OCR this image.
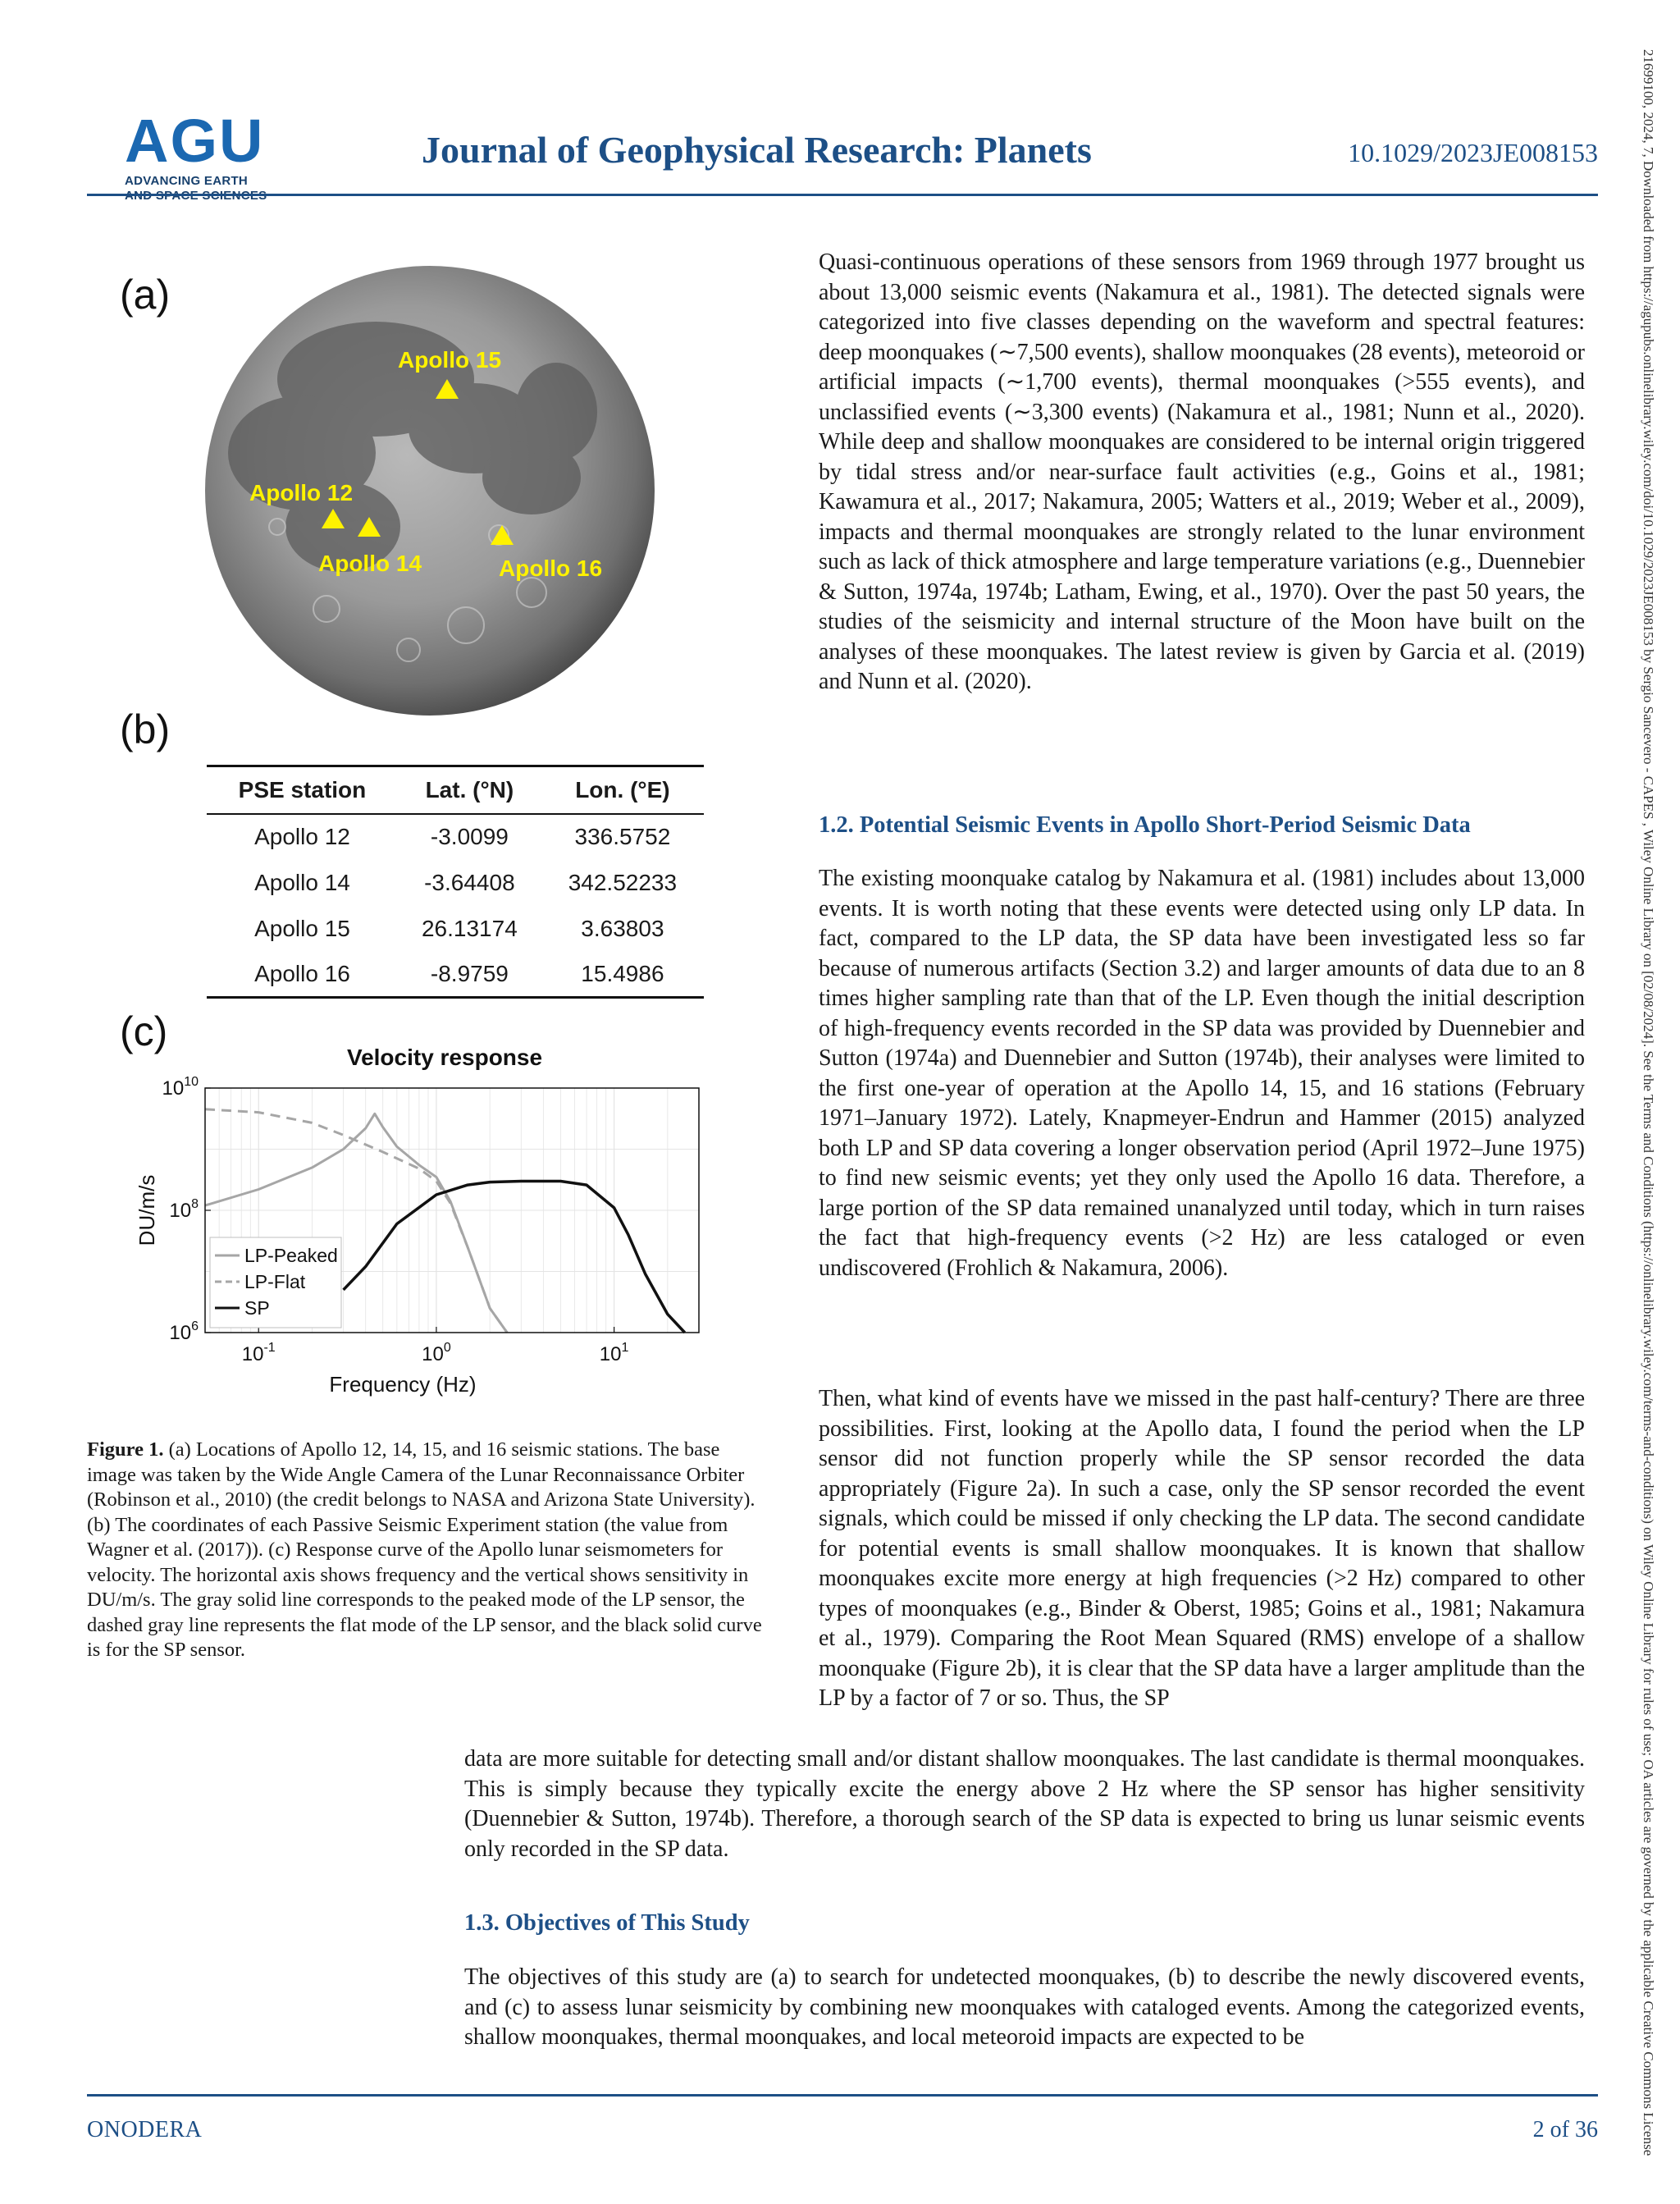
AGU
ADVANCING EARTH
Journal of Geophysical Research: Planets	10.1029/2023JE008153	21699100, 2024, 7, Downloaded from https://agupubs.onlinelibrary.wiley.com/doi/10.1029/2023JE008153 by Sergio Sancevero - CAPES , Wiley Online Library on [02/08/2024]. See the Terms and Conditions (https://onlinelibrary.wiley.com/terms-and-conditions) on Wiley Online Library for rules of use; OA articles are governed by the applicable Creative Commons License
(a)
Apollo 15
Apollo 12
Apollo 14	Apollo 16
(b)
PSE station	Lat. (°N)	Lon. (°E)
Apollo 12	-3.0099	336.5752
Apollo 14	-3.64408	342.52233
Apollo 15	26.13174	3.63803
Apollo 16	-8.9759	15.4986
(c)
Velocity response
$10^{-1}$	$10^0$	$10^1$
$10^6$
$10^8$
$10^{10}$
Frequency (Hz)
DU/m/s
LP-Peaked
LP-Flat
SP
Figure 1. (a) Locations of Apollo 12, 14, 15, and 16 seismic stations. The base image was taken by the Wide Angle Camera of the Lunar Reconnaissance Orbiter (Robinson et al., 2010) (the credit belongs to NASA and Arizona State University). (b) The coordinates of each Passive Seismic Experiment station (the value from Wagner et al. (2017)). (c) Response curve of the Apollo lunar seismometers for velocity. The horizontal axis shows frequency and the vertical shows sensitivity in DU/m/s. The gray solid line corresponds to the peaked mode of the LP sensor, the dashed gray line represents the flat mode of the LP sensor, and the black solid curve is for the SP sensor.
Quasi-continuous operations of these sensors from 1969 through 1977 brought us about 13,000 seismic events (Nakamura et al., 1981). The detected signals were categorized into five classes depending on the waveform and spectral features: deep moonquakes (∼7,500 events), shallow moonquakes (28 events), meteoroid or artificial impacts (∼1,700 events), thermal moonquakes (>555 events), and unclassified events (∼3,300 events) (Nakamura et al., 1981; Nunn et al., 2020). While deep and shallow moonquakes are considered to be internal origin triggered by tidal stress and/or near-surface fault activities (e.g., Goins et al., 1981; Kawamura et al., 2017; Nakamura, 2005; Watters et al., 2019; Weber et al., 2009), impacts and thermal moonquakes are strongly related to the lunar environment such as lack of thick atmosphere and large temperature variations (e.g., Duennebier & Sutton, 1974a, 1974b; Latham, Ewing, et al., 1970). Over the past 50 years, the studies of the seismicity and internal structure of the Moon have built on the analyses of these moonquakes. The latest review is given by Garcia et al. (2019) and Nunn et al. (2020).
1.2. Potential Seismic Events in Apollo Short-Period Seismic Data
The existing moonquake catalog by Nakamura et al. (1981) includes about 13,000 events. It is worth noting that these events were detected using only LP data. In fact, compared to the LP data, the SP data have been investigated less so far because of numerous artifacts (Section 3.2) and larger amounts of data due to an 8 times higher sampling rate than that of the LP. Even though the initial description of high-frequency events recorded in the SP data was provided by Duennebier and Sutton (1974a) and Duennebier and Sutton (1974b), their analyses were limited to the first one-year of operation at the Apollo 14, 15, and 16 stations (February 1971–January 1972). Lately, Knapmeyer-Endrun and Hammer (2015) analyzed both LP and SP data covering a longer observation period (April 1972–June 1975) to find new seismic events; yet they only used the Apollo 16 data. Therefore, a large portion of the SP data remained unanalyzed until today, which in turn raises the fact that high-frequency events (>2 Hz) are less cataloged or even undiscovered (Frohlich & Nakamura, 2006).
Then, what kind of events have we missed in the past half-century? There are three possibilities. First, looking at the Apollo data, I found the period when the LP sensor did not function properly while the SP sensor recorded the data appropriately (Figure 2a). In such a case, only the SP sensor recorded the event signals, which could be missed if only checking the LP data. The second candidate for potential events is small shallow moonquakes. It is known that shallow moonquakes excite more energy at high frequencies (>2 Hz) compared to other types of moonquakes (e.g., Binder & Oberst, 1985; Goins et al., 1981; Nakamura et al., 1979). Comparing the Root Mean Squared (RMS) envelope of a shallow moonquake (Figure 2b), it is clear that the SP data have a larger amplitude than the LP by a factor of 7 or so. Thus, the SP
data are more suitable for detecting small and/or distant shallow moonquakes. The last candidate is thermal moonquakes. This is simply because they typically excite the energy above 2 Hz where the SP sensor has higher sensitivity (Duennebier & Sutton, 1974b). Therefore, a thorough search of the SP data is expected to bring us lunar seismic events only recorded in the SP data.
1.3. Objectives of This Study
The objectives of this study are (a) to search for undetected moonquakes, (b) to describe the newly discovered events, and (c) to assess lunar seismicity by combining new moonquakes with cataloged events. Among the categorized events, shallow moonquakes, thermal moonquakes, and local meteoroid impacts are expected to be
ONODERA	2 of 36
